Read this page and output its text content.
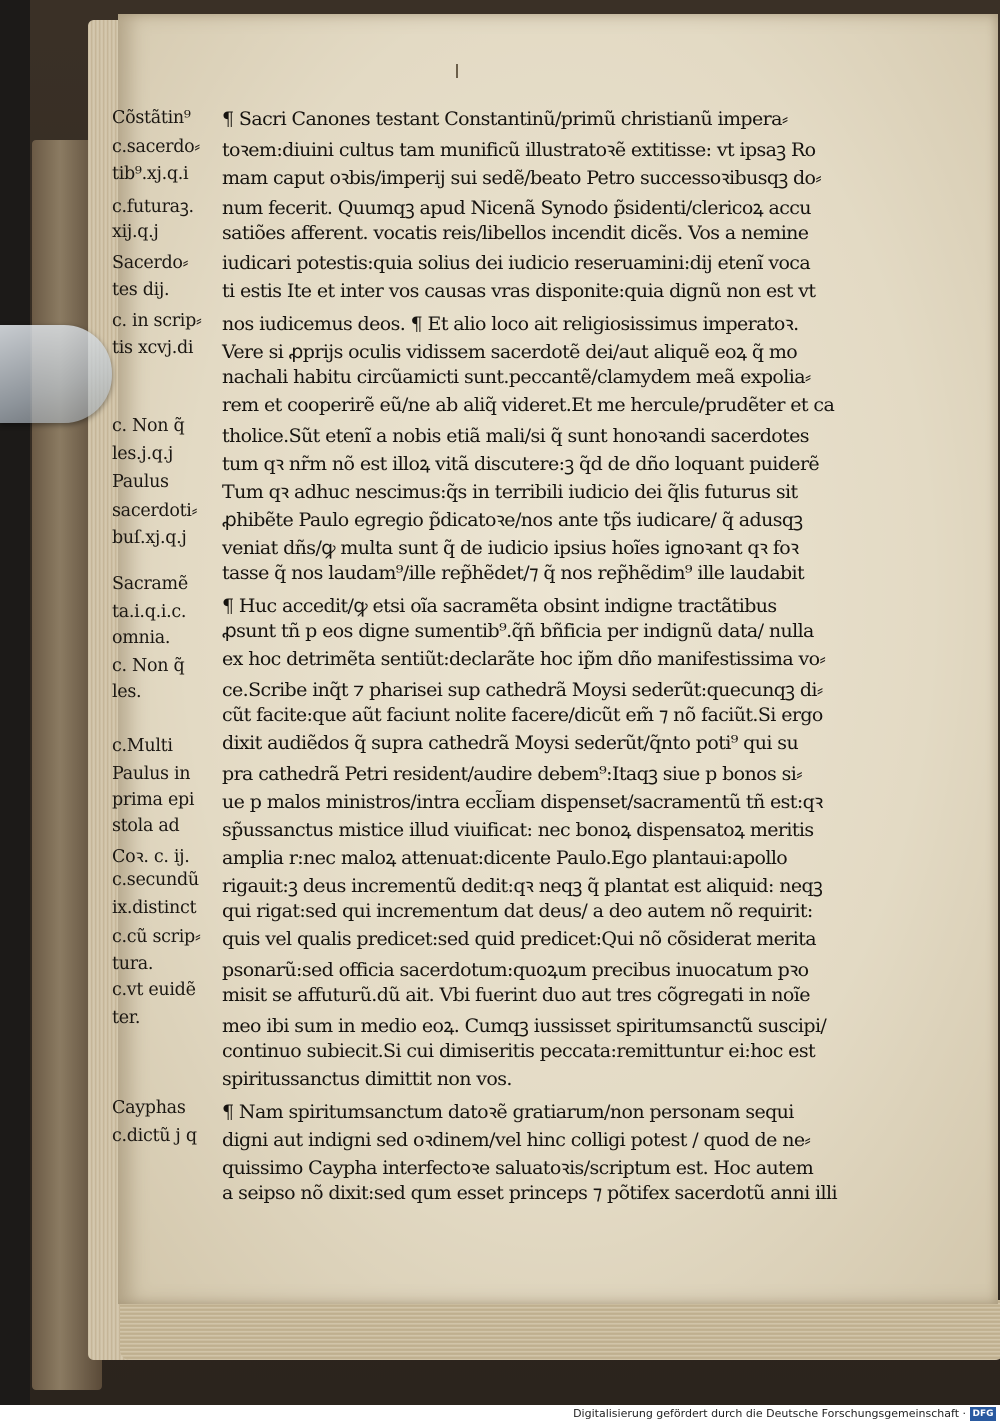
Cõstãtin⁹
c.sacerdo⸗
tib⁹.xj.q.i
c.futuraꝫ.
xij.q.j
Sacerdo⸗
tes dij.
c. in scrip⸗
tis xcvj.di
c. Non q̃
les.j.q.j
Paulus
sacerdoti⸗
buſ.xj.q.j
Sacramẽ
ta.i.q.i.c.
omnia.
c. Non q̃
les.
c.Multi
Paulus in
prima epi
stola ad
Coꝛ. c. ij.
c.secundũ
ix.distinct
c.cũ scrip⸗
tura.
c.vt euidẽ
ter.
Cayphas
c.dictũ j q
¶ Sacri Canones testant Constantinũ/primũ christianũ impera⸗
toꝛem:diuini cultus tam munificũ illustratoꝛẽ extitisse: vt ipsaꝫ Ro
mam caput oꝛbis/imperij sui sedẽ/beato Petro successoꝛibusqꝫ do⸗
num fecerit. Quumqꝫ apud Nicenã Synodo p̃sidenti/clericoꝝ accu
satiões afferent. vocatis reis/libellos incendit dicẽs. Vos a nemine
iudicari potestis:quia solius dei iudicio reseruamini:dij etenĩ voca
ti estis Ite et inter vos causas vras disponite:quia dignũ non est vt
nos iudicemus deos. ¶ Et alio loco ait religiosissimus imperatoꝛ.
Vere si ꝓprijs oculis vidissem sacerdotẽ dei/aut aliquẽ eoꝝ q̃ mo
nachali habitu circũamicti sunt.peccantẽ/clamydem meã expolia⸗
rem et cooperirẽ eũ/ne ab aliq̃ videret.Et me hercule/prudẽter et ca
tholice.Sũt etenĩ a nobis etiã mali/si q̃ sunt honoꝛandi sacerdotes
tum qꝛ nr̃m nõ est illoꝝ vitã discutere:ꝫ q̃d de dño loquant puiderẽ
Tum qꝛ adhuc nescimus:q̃s in terribili iudicio dei q̃lis futurus sit
ꝓhibẽte Paulo egregio p̃dicatoꝛe/nos ante tp̃s iudicare/ q̃ adusqꝫ
veniat dñs/ꝙ multa sunt q̃ de iudicio ipsius hoĩes ignoꝛant qꝛ foꝛ
tasse q̃ nos laudam⁹/ille rep̃hẽdet/⁊ q̃ nos rep̃hẽdim⁹ ille laudabit
¶ Huc accedit/ꝙ etsi oĩa sacramẽta obsint indigne tractãtibus
ꝓsunt tñ p eos digne sumentib⁹.q̃ñ bñficia per indignũ data/ nulla
ex hoc detrimẽta sentiũt:declarãte hoc ip̃m dño manifestissima vo⸗
ce.Scribe inq̃t ⁊ pharisei sup cathedrã Moysi sederũt:quecunqꝫ di⸗
cũt facite:que aũt faciunt nolite facere/dicũt em̃ ⁊ nõ faciũt.Si ergo
dixit audiẽdos q̃ supra cathedrã Moysi sederũt/q̃nto poti⁹ qui su
pra cathedrã Petri resident/audire debem⁹:Itaqꝫ siue p bonos si⸗
ue p malos ministros/intra eccl̃iam dispenset/sacramentũ tñ est:qꝛ
sp̃ussanctus mistice illud viuificat: nec bonoꝝ dispensatoꝝ meritis
amplia r:nec maloꝝ attenuat:dicente Paulo.Ego plantaui:apollo
rigauit:ꝫ deus incrementũ dedit:qꝛ neqꝫ q̃ plantat est aliquid: neqꝫ
qui rigat:sed qui incrementum dat deus/ a deo autem nõ requirit:
quis vel qualis predicet:sed quid predicet:Qui nõ cõsiderat merita
psonarũ:sed officia sacerdotum:quoꝝum precibus inuocatum pꝛo
misit se affuturũ.dũ ait. Vbi fuerint duo aut tres cõgregati in noĩe
meo ibi sum in medio eoꝝ. Cumqꝫ iussisset spiritumsanctũ suscipi/
continuo subiecit.Si cui dimiseritis peccata:remittuntur ei:hoc est
spiritussanctus dimittit non vos.
¶ Nam spiritumsanctum datoꝛẽ gratiarum/non personam sequi
digni aut indigni sed oꝛdinem/vel hinc colligi potest / quod de ne⸗
quissimo Caypha interfectoꝛe saluatoꝛis/scriptum est. Hoc autem
a seipso nõ dixit:sed qum esset princeps ⁊ põtifex sacerdotũ anni illi
Digitalisierung gefördert durch die Deutsche Forschungsgemeinschaft · DFG
